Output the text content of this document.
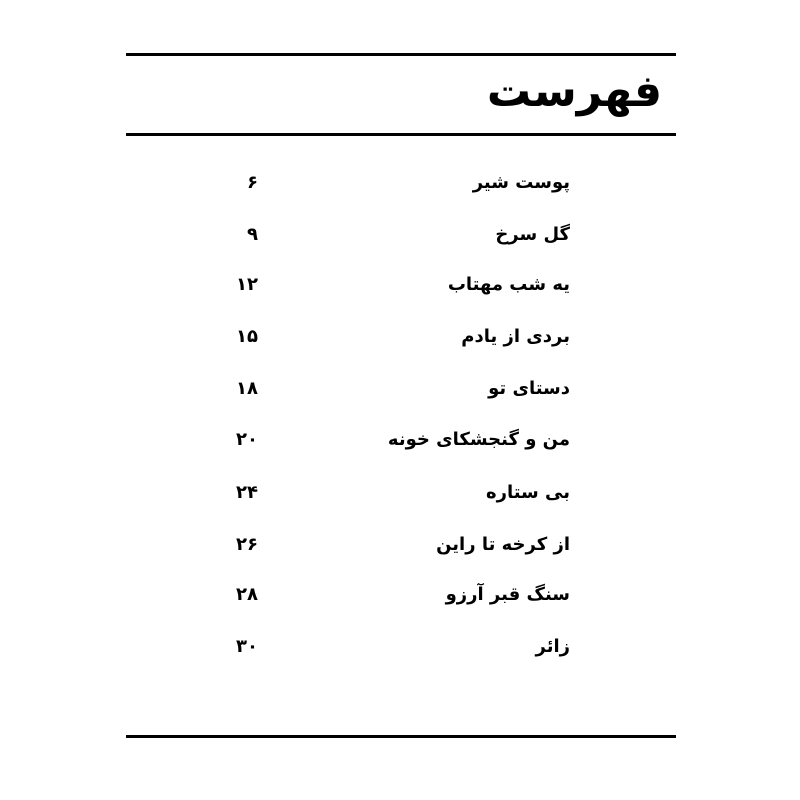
فهرست
پوست شیر
۶
گل سرخ
۹
یه شب مهتاب
۱۲
بردی از یادم
۱۵
دستای تو
۱۸
من و گنجشکای خونه
۲۰
بی ستاره
۲۴
از کرخه تا راین
۲۶
سنگ قبر آرزو
۲۸
زائر
۳۰
